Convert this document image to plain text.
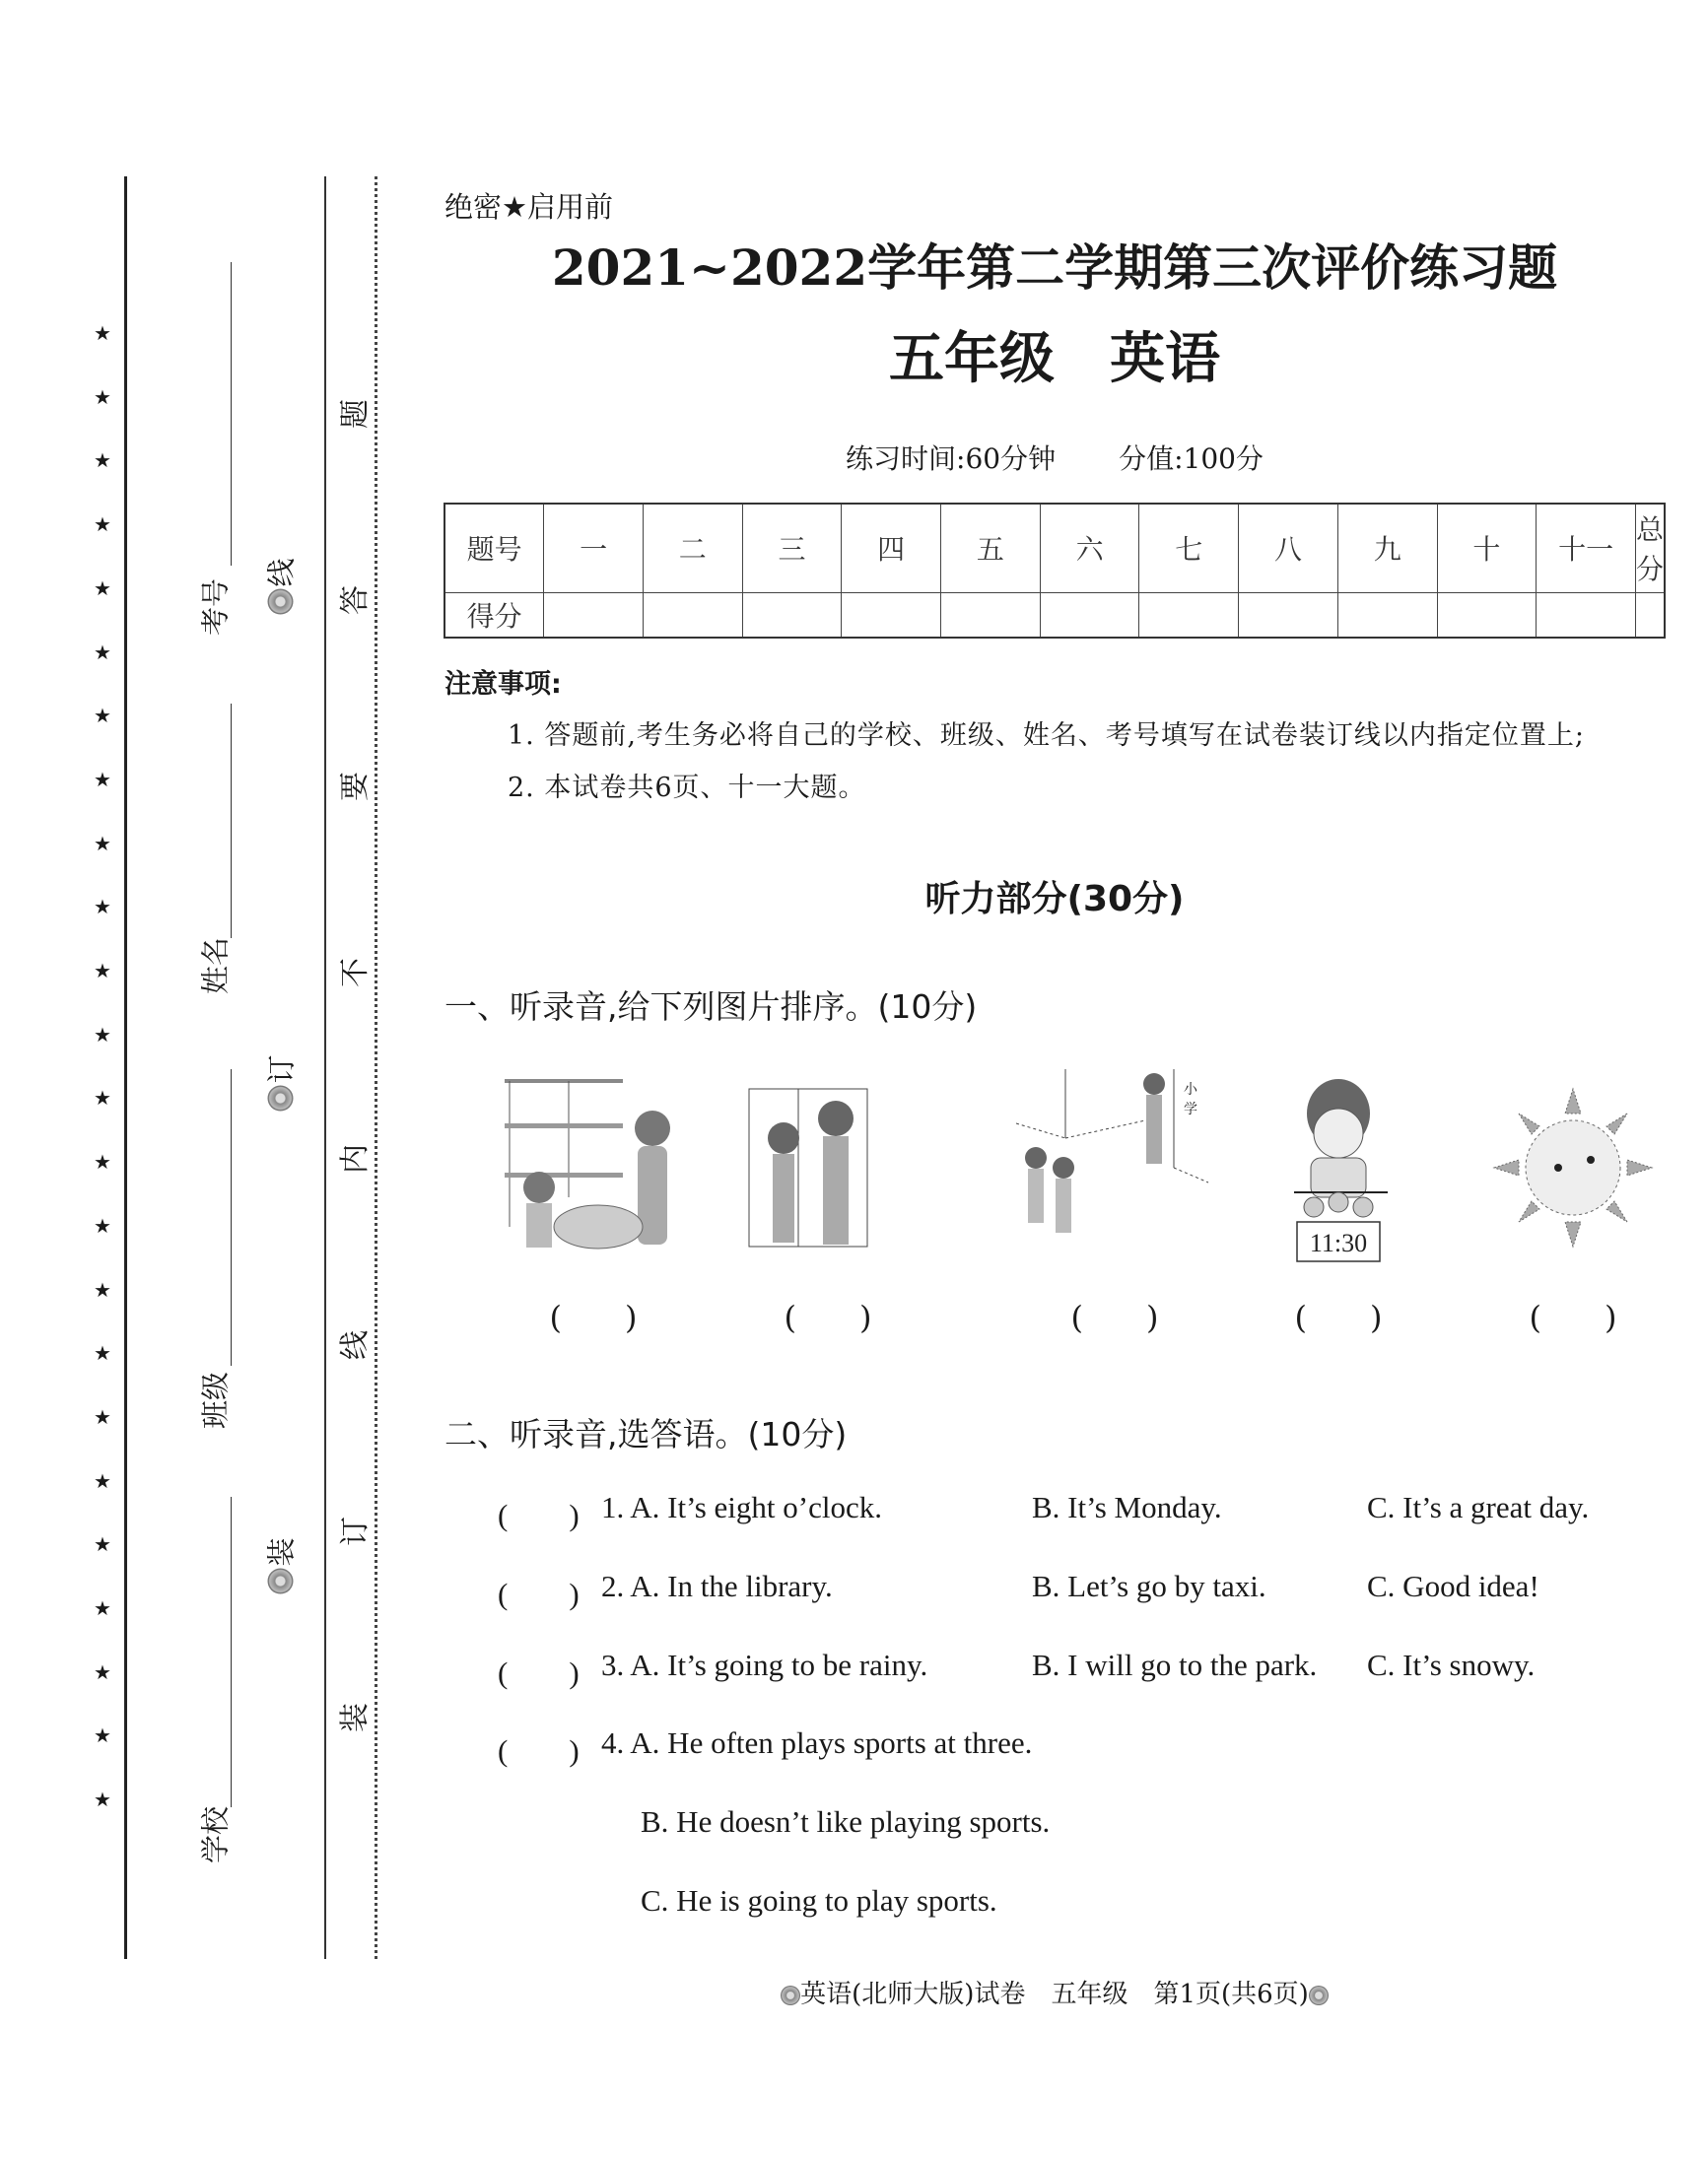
★
★
★
★
★
★
★
★
★
★
★
★
★
★
★
★
★
★
★
★
★
★
★
★
考号
姓名
班级
学校
线
订
装
题
答
要
不
内
线
订
装
绝密★启用前
2021~2022学年第二学期第三次评价练习题
五年级　英语
练习时间:60分钟 分值:100分
题号	一	二	三	四	五	六	七	八	九	十	十一	总分
得分												
注意事项:
1. 答题前,考生务必将自己的学校、班级、姓名、考号填写在试卷装订线以内指定位置上;
2. 本试卷共6页、十一大题。
听力部分(30分)
一、听录音,给下列图片排序。(10分)
小
学
11:30
(　　)	(　　)	(　　)	(　　)	(　　)
二、听录音,选答语。(10分)
(　　) 1. A. It’s eight o’clock.	B. It’s Monday.	C. It’s a great day.
(　　) 2. A. In the library.	B. Let’s go by taxi.	C. Good idea!
(　　) 3. A. It’s going to be rainy.	B. I will go to the park. C. It’s snowy.
(　　) 4. A. He often plays sports at three.
B. He doesn’t like playing sports.
C. He is going to play sports.
英语(北师大版)试卷　五年级　第1页(共6页)
